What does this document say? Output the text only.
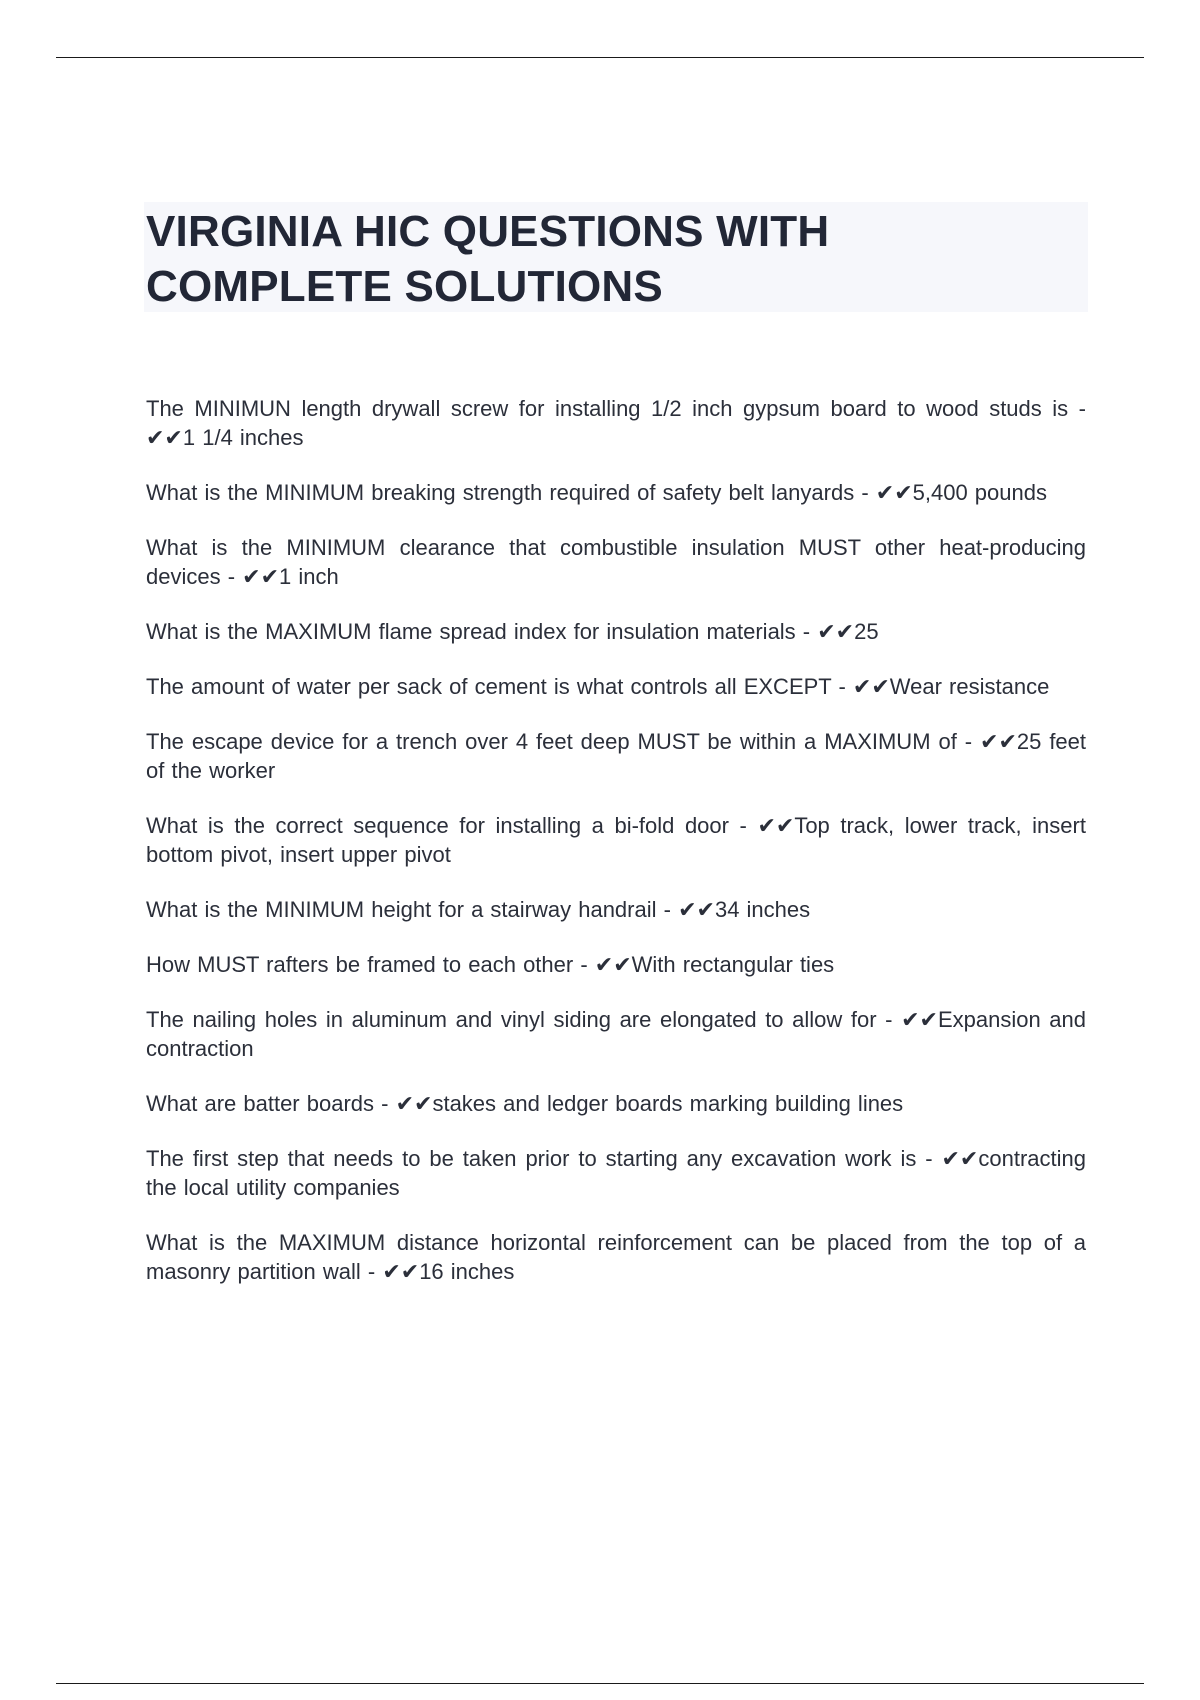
VIRGINIA HIC QUESTIONS WITH COMPLETE SOLUTIONS

The MINIMUN length drywall screw for installing 1/2 inch gypsum board to wood studs is - ✔✔1 1/4 inches

What is the MINIMUM breaking strength required of safety belt lanyards - ✔✔5,400 pounds

What is the MINIMUM clearance that combustible insulation MUST other heat-producing devices - ✔✔1 inch

What is the MAXIMUM flame spread index for insulation materials - ✔✔25

The amount of water per sack of cement is what controls all EXCEPT - ✔✔Wear resistance

The escape device for a trench over 4 feet deep MUST be within a MAXIMUM of - ✔✔25 feet of the worker

What is the correct sequence for installing a bi-fold door - ✔✔Top track, lower track, insert bottom pivot, insert upper pivot

What is the MINIMUM height for a stairway handrail - ✔✔34 inches

How MUST rafters be framed to each other - ✔✔With rectangular ties

The nailing holes in aluminum and vinyl siding are elongated to allow for - ✔✔Expansion and contraction

What are batter boards - ✔✔stakes and ledger boards marking building lines

The first step that needs to be taken prior to starting any excavation work is - ✔✔contracting the local utility companies

What is the MAXIMUM distance horizontal reinforcement can be placed from the top of a masonry partition wall - ✔✔16 inches
